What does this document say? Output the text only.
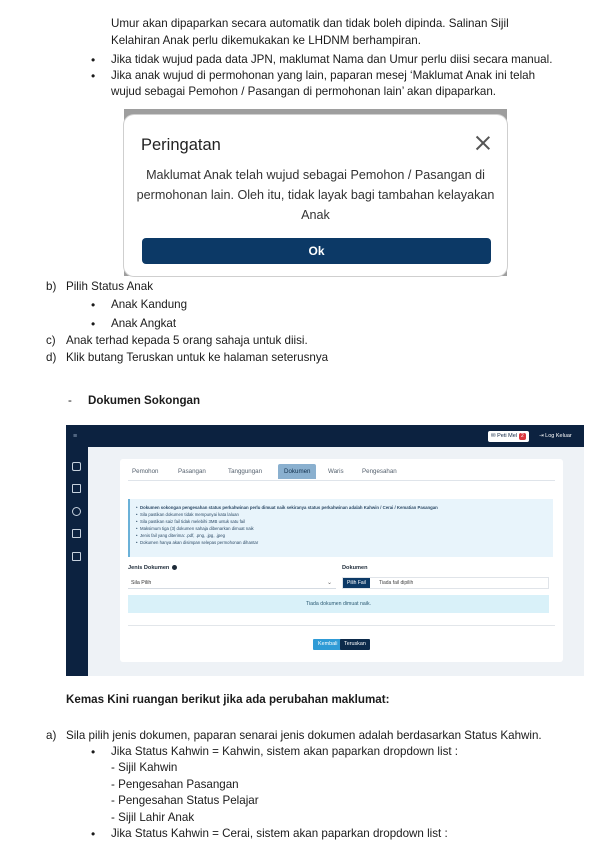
Umur akan dipaparkan secara automatik dan tidak boleh dipinda. Salinan Sijil
Kelahiran Anak perlu dikemukakan ke LHDNM berhampiran.
• Jika tidak wujud pada data JPN, maklumat Nama dan Umur perlu diisi secara manual.
• Jika anak wujud di permohonan yang lain, paparan mesej ‘Maklumat Anak ini telah
wujud sebagai Pemohon / Pasangan di permohonan lain’ akan dipaparkan.
Peringatan
Maklumat Anak telah wujud sebagai Pemohon / Pasangan di permohonan lain. Oleh itu, tidak layak bagi tambahan kelayakan Anak
Ok
b) Pilih Status Anak
• Anak Kandung
• Anak Angkat
c) Anak terhad kepada 5 orang sahaja untuk diisi.
d) Klik butang Teruskan untuk ke halaman seterusnya
- Dokumen Sokongan
≡	✉ Peti Mel 2	⇥ Log Keluar
Pemohon	Pasangan	Tanggungan	Dokumen	Waris	Pengesahan
• Dokumen sokongan pengesahan status perkahwinan perlu dimuat naik sekiranya status perkahwinan adalah Kahwin / Cerai / Kematian Pasangan
• Sila pastikan dokumen tidak mempunyai kata laluan
• Sila pastikan saiz fail tidak melebihi 3MB untuk satu fail
• Maksimum tiga (3) dokumen sahaja dibenarkan dimuat naik
• Jenis fail yang diterima: .pdf, .png, .jpg, .jpeg
• Dokumen hanya akan disimpan selepas permohonan dihantar
Jenis Dokumen	Dokumen
Sila Pilih	⌄	Pilih Fail	Tiada fail dipilih
Tiada dokumen dimuat naik.
Kembali	Teruskan
Kemas Kini ruangan berikut jika ada perubahan maklumat:
a) Sila pilih jenis dokumen, paparan senarai jenis dokumen adalah berdasarkan Status Kahwin.
• Jika Status Kahwin = Kahwin, sistem akan paparkan dropdown list :
- Sijil Kahwin
- Pengesahan Pasangan
- Pengesahan Status Pelajar
- Sijil Lahir Anak
• Jika Status Kahwin = Cerai, sistem akan paparkan dropdown list :
